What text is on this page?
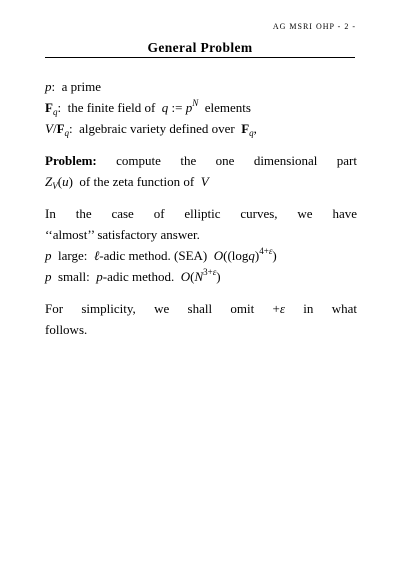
AG MSRI OHP - 2 -
General Problem
p:  a prime
$F_q$:  the finite field of q := $p^N$ elements
$V/F_q$:  algebraic variety defined over $F_q$,
Problem: compute the one dimensional part
$Z_V(u)$  of the zeta function of V
In the case of elliptic curves, we have
‘‘almost’’ satisfactory answer.
p large: ℓ-adic method. (SEA) $O((\log q)^{4+\varepsilon})$
p small: p-adic method. $O(N^{3+\varepsilon})$
For simplicity, we shall omit +ε in what
follows.
